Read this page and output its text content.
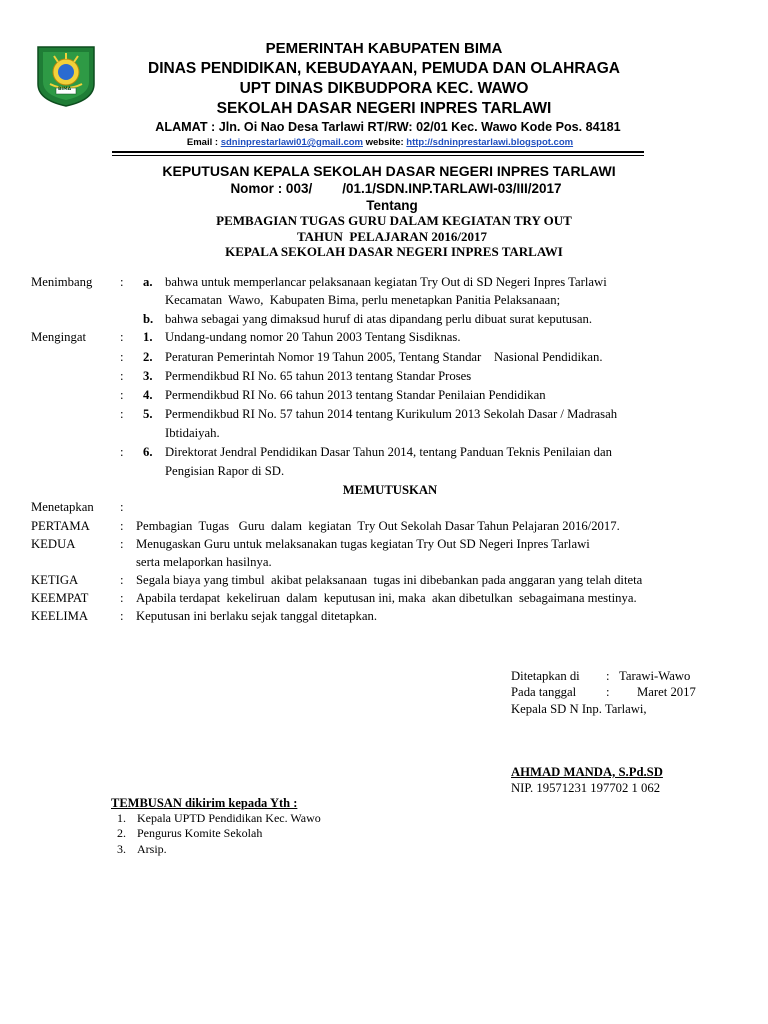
BIMA
PEMERINTAH KABUPATEN BIMA
DINAS PENDIDIKAN, KEBUDAYAAN, PEMUDA DAN OLAHRAGA
UPT DINAS DIKBUDPORA KEC. WAWO
SEKOLAH DASAR NEGERI INPRES TARLAWI
ALAMAT : Jln. Oi Nao Desa Tarlawi RT/RW: 02/01 Kec. Wawo Kode Pos. 84181
Email : sdninprestarlawi01@gmail.com website: http://sdninprestarlawi.blogspot.com
KEPUTUSAN KEPALA SEKOLAH DASAR NEGERI INPRES TARLAWI
Nomor : 003/        /01.1/SDN.INP.TARLAWI-03/III/2017
Tentang
PEMBAGIAN TUGAS GURU DALAM KEGIATAN TRY OUT
TAHUN  PELAJARAN 2016/2017
KEPALA SEKOLAH DASAR NEGERI INPRES TARLAWI
Menimbang : a. bahwa untuk memperlancar pelaksanaan kegiatan Try Out di SD Negeri Inpres Tarlawi
Kecamatan  Wawo,  Kabupaten Bima, perlu menetapkan Panitia Pelaksanaan;
b. bahwa sebagai yang dimaksud huruf di atas dipandang perlu dibuat surat keputusan.
Mengingat	: 1. Undang-undang nomor 20 Tahun 2003 Tentang Sisdiknas.
: 2. Peraturan Pemerintah Nomor 19 Tahun 2005, Tentang Standar    Nasional Pendidikan.
: 3. Permendikbud RI No. 65 tahun 2013 tentang Standar Proses
: 4. Permendikbud RI No. 66 tahun 2013 tentang Standar Penilaian Pendidikan
: 5. Permendikbud RI No. 57 tahun 2014 tentang Kurikulum 2013 Sekolah Dasar / Madrasah
Ibtidaiyah.
: 6. Direktorat Jendral Pendidikan Dasar Tahun 2014, tentang Panduan Teknis Penilaian dan
Pengisian Rapor di SD.
MEMUTUSKAN
Menetapkan :
PERTAMA : Pembagian  Tugas   Guru  dalam  kegiatan  Try Out Sekolah Dasar Tahun Pelajaran 2016/2017.
KEDUA	: Menugaskan Guru untuk melaksanakan tugas kegiatan Try Out SD Negeri Inpres Tarlawi
serta melaporkan hasilnya.
KETIGA	: Segala biaya yang timbul  akibat pelaksanaan  tugas ini dibebankan pada anggaran yang telah diteta
KEEMPAT : Apabila terdapat  kekeliruan  dalam  keputusan ini, maka  akan dibetulkan  sebagaimana mestinya.
KEELIMA	: Keputusan ini berlaku sejak tanggal ditetapkan.
Ditetapkan di : Tarawi-Wawo
Pada tanggal : Maret 2017
Kepala SD N Inp. Tarlawi,
AHMAD MANDA, S.Pd.SD
NIP. 19571231 197702 1 062
TEMBUSAN dikirim kepada Yth :
1. Kepala UPTD Pendidikan Kec. Wawo
2. Pengurus Komite Sekolah
3. Arsip.
